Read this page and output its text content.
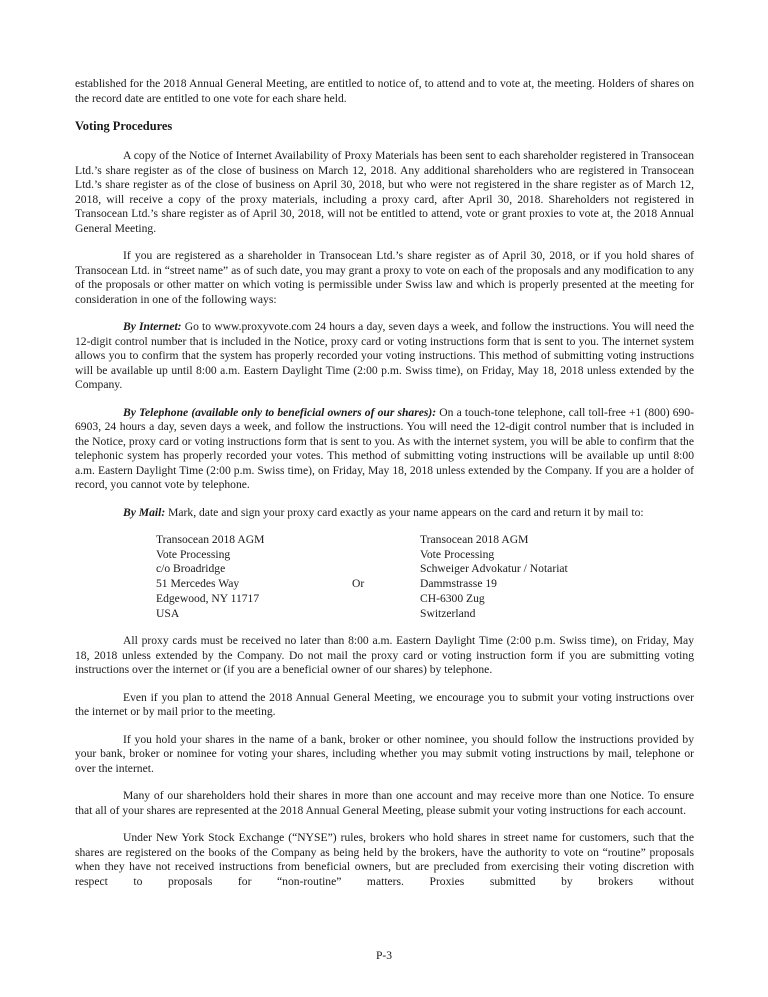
established for the 2018 Annual General Meeting, are entitled to notice of, to attend and to vote at, the meeting. Holders of shares on the record date are entitled to one vote for each share held.

Voting Procedures

A copy of the Notice of Internet Availability of Proxy Materials has been sent to each shareholder registered in Transocean Ltd.’s share register as of the close of business on March 12, 2018. Any additional shareholders who are registered in Transocean Ltd.’s share register as of the close of business on April 30, 2018, but who were not registered in the share register as of March 12, 2018, will receive a copy of the proxy materials, including a proxy card, after April 30, 2018. Shareholders not registered in Transocean Ltd.’s share register as of April 30, 2018, will not be entitled to attend, vote or grant proxies to vote at, the 2018 Annual General Meeting.

If you are registered as a shareholder in Transocean Ltd.’s share register as of April 30, 2018, or if you hold shares of Transocean Ltd. in “street name” as of such date, you may grant a proxy to vote on each of the proposals and any modification to any of the proposals or other matter on which voting is permissible under Swiss law and which is properly presented at the meeting for consideration in one of the following ways:

By Internet: Go to www.proxyvote.com 24 hours a day, seven days a week, and follow the instructions. You will need the 12-digit control number that is included in the Notice, proxy card or voting instructions form that is sent to you. The internet system allows you to confirm that the system has properly recorded your voting instructions. This method of submitting voting instructions will be available up until 8:00 a.m. Eastern Daylight Time (2:00 p.m. Swiss time), on Friday, May 18, 2018 unless extended by the Company.

By Telephone (available only to beneficial owners of our shares): On a touch-tone telephone, call toll-free +1 (800) 690-6903, 24 hours a day, seven days a week, and follow the instructions. You will need the 12-digit control number that is included in the Notice, proxy card or voting instructions form that is sent to you. As with the internet system, you will be able to confirm that the telephonic system has properly recorded your votes. This method of submitting voting instructions will be available up until 8:00 a.m. Eastern Daylight Time (2:00 p.m. Swiss time), on Friday, May 18, 2018 unless extended by the Company. If you are a holder of record, you cannot vote by telephone.

By Mail: Mark, date and sign your proxy card exactly as your name appears on the card and return it by mail to:

Transocean 2018 AGM
Vote Processing
c/o Broadridge
51 Mercedes Way
Edgewood, NY 11717
USA
Or
Transocean 2018 AGM
Vote Processing
Schweiger Advokatur / Notariat
Dammstrasse 19
CH-6300 Zug
Switzerland

All proxy cards must be received no later than 8:00 a.m. Eastern Daylight Time (2:00 p.m. Swiss time), on Friday, May 18, 2018 unless extended by the Company. Do not mail the proxy card or voting instruction form if you are submitting voting instructions over the internet or (if you are a beneficial owner of our shares) by telephone.

Even if you plan to attend the 2018 Annual General Meeting, we encourage you to submit your voting instructions over the internet or by mail prior to the meeting.

If you hold your shares in the name of a bank, broker or other nominee, you should follow the instructions provided by your bank, broker or nominee for voting your shares, including whether you may submit voting instructions by mail, telephone or over the internet.

Many of our shareholders hold their shares in more than one account and may receive more than one Notice. To ensure that all of your shares are represented at the 2018 Annual General Meeting, please submit your voting instructions for each account.

Under New York Stock Exchange (“NYSE”) rules, brokers who hold shares in street name for customers, such that the shares are registered on the books of the Company as being held by the brokers, have the authority to vote on “routine” proposals when they have not received instructions from beneficial owners, but are precluded from exercising their voting discretion with respect to proposals for “non-routine” matters. Proxies submitted by brokers without

P-3
